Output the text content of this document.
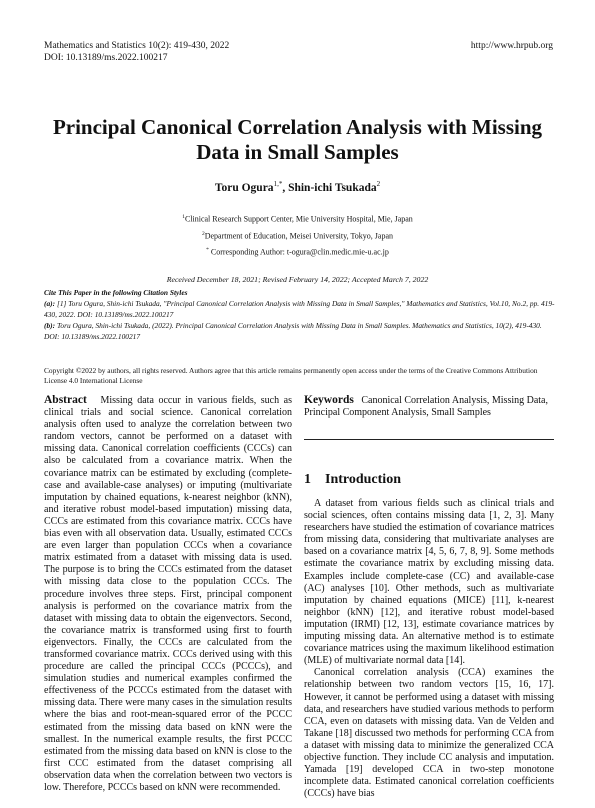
Mathematics and Statistics 10(2): 419-430, 2022
DOI: 10.13189/ms.2022.100217
http://www.hrpub.org
Principal Canonical Correlation Analysis with Missing
Data in Small Samples
Toru Ogura$^{1,*}$, Shin-ichi Tsukada$^2$
$^1$Clinical Research Support Center, Mie University Hospital, Mie, Japan
$^2$Department of Education, Meisei University, Tokyo, Japan
* Corresponding Author: t-ogura@clin.medic.mie-u.ac.jp
Received December 18, 2021; Revised February 14, 2022; Accepted March 7, 2022
Cite This Paper in the following Citation Styles
(a): [1] Toru Ogura, Shin-ichi Tsukada, "Principal Canonical Correlation Analysis with Missing Data in Small Samples," Mathematics and Statistics, Vol.10, No.2, pp. 419-430, 2022. DOI: 10.13189/ms.2022.100217
(b): Toru Ogura, Shin-ichi Tsukada, (2022). Principal Canonical Correlation Analysis with Missing Data in Small Samples. Mathematics and Statistics, 10(2), 419-430. DOI: 10.13189/ms.2022.100217
Copyright ©2022 by authors, all rights reserved. Authors agree that this article remains permanently open access under the terms of the Creative Commons Attribution License 4.0 International License
Abstract Missing data occur in various fields, such as clinical trials and social science. Canonical correlation analysis often used to analyze the correlation between two random vectors, cannot be performed on a dataset with missing data. Canonical correlation coefficients (CCCs) can also be calculated from a covariance matrix. When the covariance matrix can be estimated by excluding (complete-case and available-case analyses) or imputing (multivariate imputation by chained equations, k-nearest neighbor (kNN), and iterative robust model-based imputation) missing data, CCCs are estimated from this covariance matrix. CCCs have bias even with all observation data. Usually, estimated CCCs are even larger than population CCCs when a covariance matrix estimated from a dataset with missing data is used. The purpose is to bring the CCCs estimated from the dataset with missing data close to the population CCCs. The procedure involves three steps. First, principal component analysis is performed on the covariance matrix from the dataset with missing data to obtain the eigenvectors. Second, the covariance matrix is transformed using first to fourth eigenvectors. Finally, the CCCs are calculated from the transformed covariance matrix. CCCs derived using with this procedure are called the principal CCCs (PCCCs), and simulation studies and numerical examples confirmed the effectiveness of the PCCCs estimated from the dataset with missing data. There were many cases in the simulation results where the bias and root-mean-squared error of the PCCC estimated from the missing data based on kNN were the smallest. In the numerical example results, the first PCCC estimated from the missing data based on kNN is close to the first CCC estimated from the dataset comprising all observation data when the correlation between two vectors is low. Therefore, PCCCs based on kNN were recommended.
Keywords Canonical Correlation Analysis, Missing Data, Principal Component Analysis, Small Samples
1 Introduction

A dataset from various fields such as clinical trials and social sciences, often contains missing data [1, 2, 3]. Many researchers have studied the estimation of covariance matrices from missing data, considering that multivariate analyses are based on a covariance matrix [4, 5, 6, 7, 8, 9]. Some methods estimate the covariance matrix by excluding missing data. Examples include complete-case (CC) and available-case (AC) analyses [10]. Other methods, such as multivariate imputation by chained equations (MICE) [11], k-nearest neighbor (kNN) [12], and iterative robust model-based imputation (IRMI) [12, 13], estimate covariance matrices by imputing missing data. An alternative method is to estimate covariance matrices using the maximum likelihood estimation (MLE) of multivariate normal data [14].

Canonical correlation analysis (CCA) examines the relationship between two random vectors [15, 16, 17]. However, it cannot be performed using a dataset with missing data, and researchers have studied various methods to perform CCA, even on datasets with missing data. Van de Velden and Takane [18] discussed two methods for performing CCA from a dataset with missing data to minimize the generalized CCA objective function. They include CC analysis and imputation. Yamada [19] developed CCA in two-step monotone incomplete data. Estimated canonical correlation coefficients (CCCs) have bias
